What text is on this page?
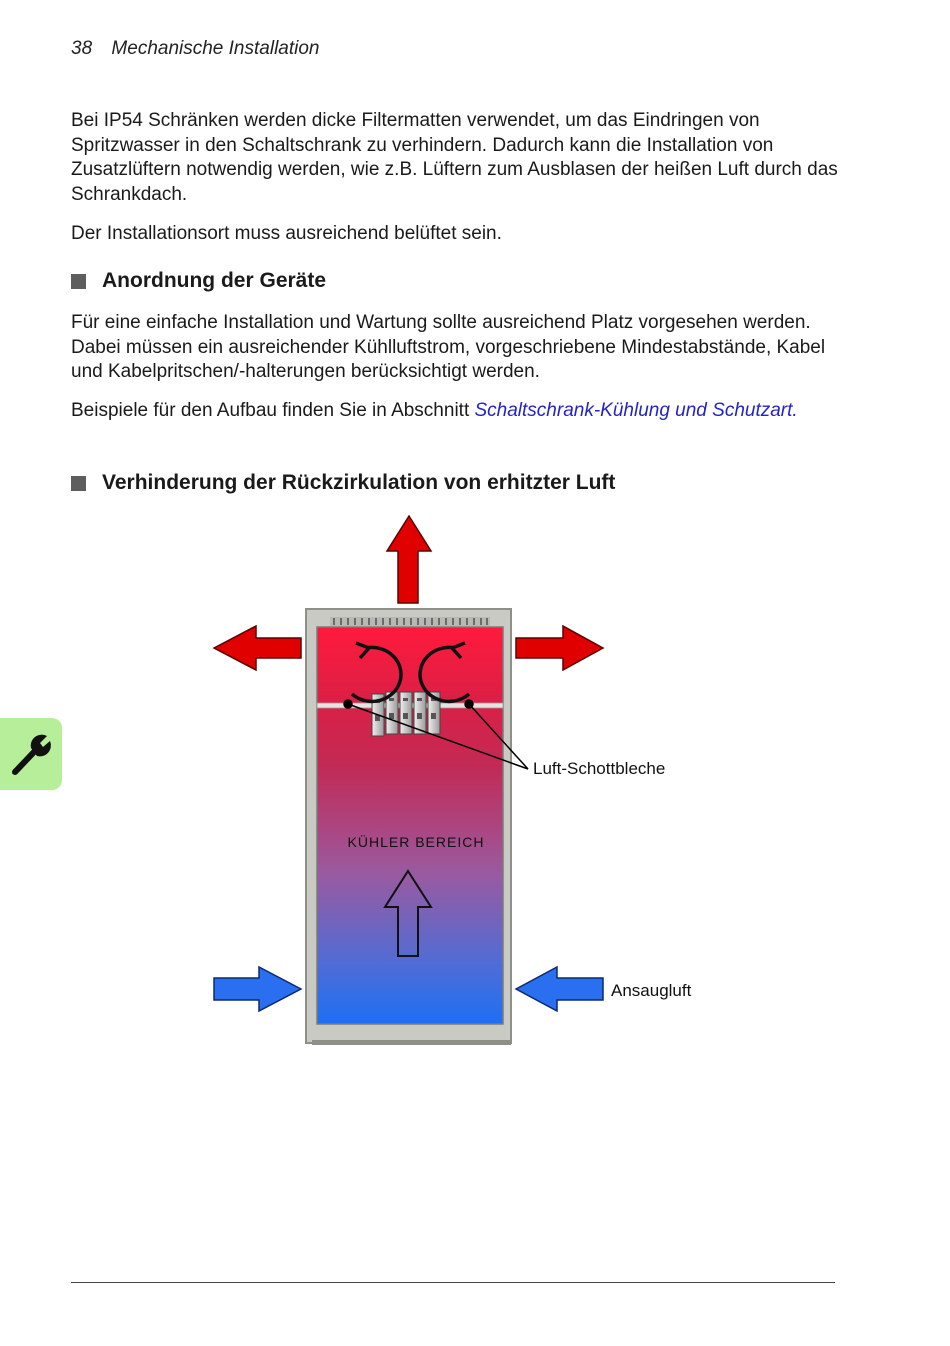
38 Mechanische Installation

Bei IP54 Schränken werden dicke Filtermatten verwendet, um das Eindringen von Spritzwasser in den Schaltschrank zu verhindern. Dadurch kann die Installation von Zusatzlüftern notwendig werden, wie z.B. Lüftern zum Ausblasen der heißen Luft durch das Schrankdach.

Der Installationsort muss ausreichend belüftet sein.

Anordnung der Geräte

Für eine einfache Installation und Wartung sollte ausreichend Platz vorgesehen werden. Dabei müssen ein ausreichender Kühlluftstrom, vorgeschriebene Mindestabstände, Kabel und Kabelpritschen/-halterungen berücksichtigt werden.

Beispiele für den Aufbau finden Sie in Abschnitt Schaltschrank-Kühlung und Schutzart.

Verhinderung der Rückzirkulation von erhitzter Luft
Luft-Schottbleche
KÜHLER BEREICH
Ansaugluft
